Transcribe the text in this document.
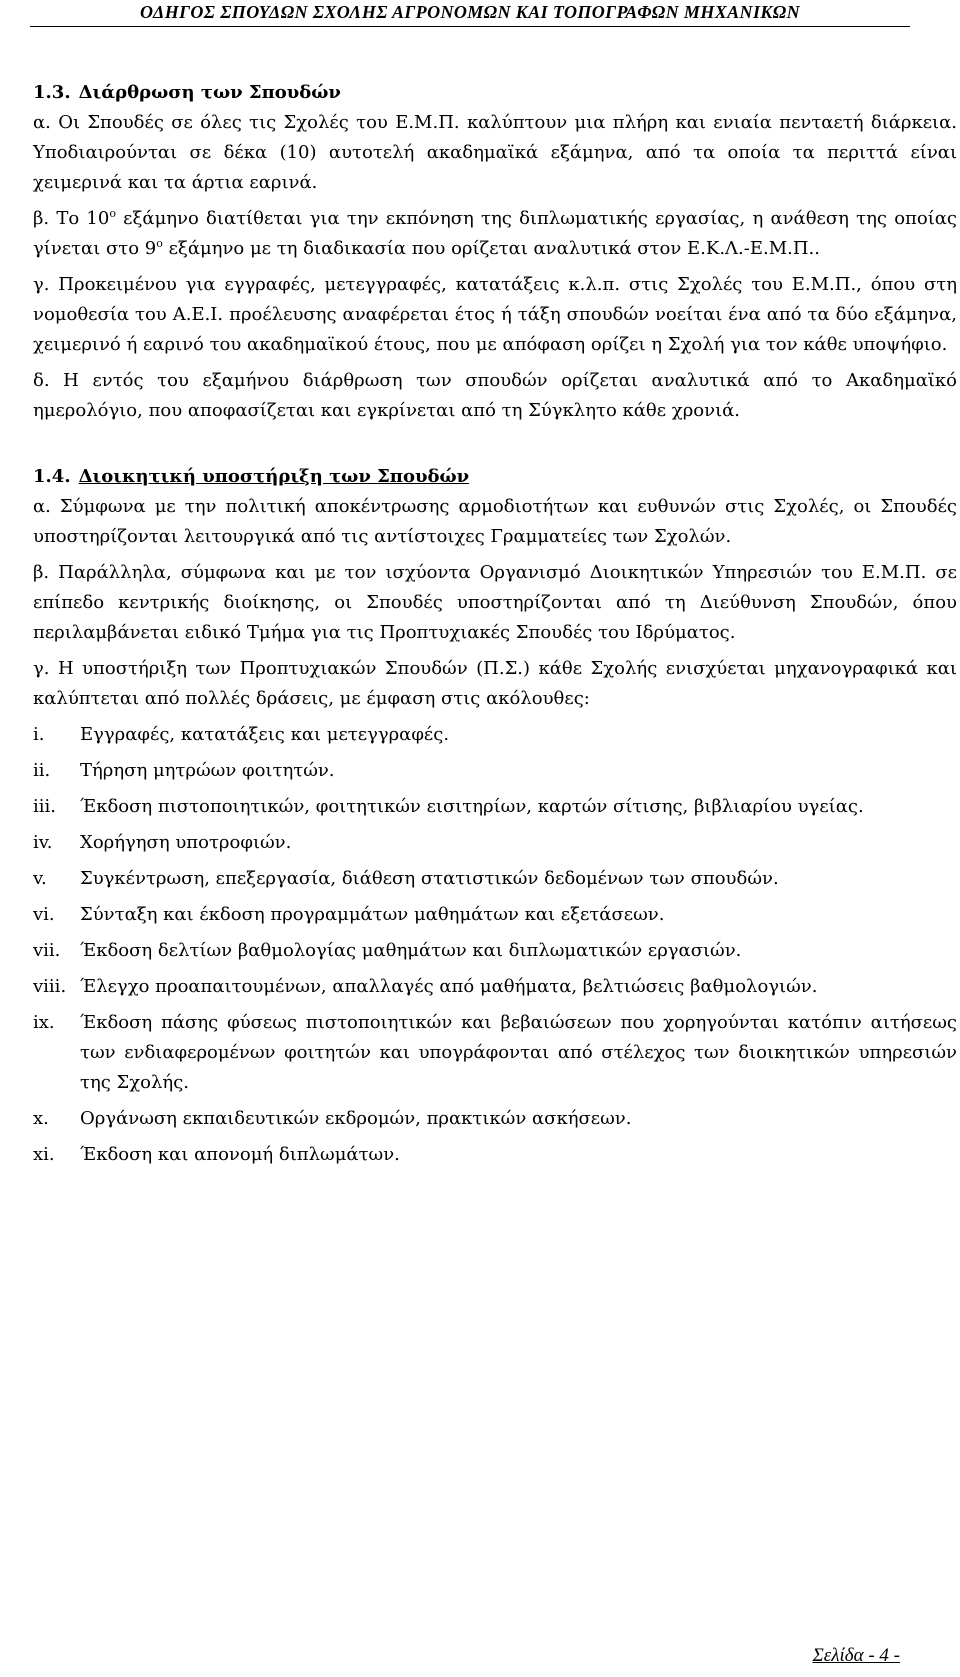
ΟΔΗΓΟΣ ΣΠΟΥΔΩΝ ΣΧΟΛΗΣ ΑΓΡΟΝΟΜΩΝ ΚΑΙ ΤΟΠΟΓΡΑΦΩΝ ΜΗΧΑΝΙΚΩΝ
1.3. Διάρθρωση των Σπουδών

α. Οι Σπουδές σε όλες τις Σχολές του Ε.Μ.Π. καλύπτουν μια πλήρη και ενιαία πενταετή διάρκεια. Υποδιαιρούνται σε δέκα (10) αυτοτελή ακαδημαϊκά εξάμηνα, από τα οποία τα περιττά είναι χειμερινά και τα άρτια εαρινά.

β. Το $10^o$ εξάμηνο διατίθεται για την εκπόνηση της διπλωματικής εργασίας, η ανάθεση της οποίας γίνεται στο $9^o$ εξάμηνο με τη διαδικασία που ορίζεται αναλυτικά στον Ε.Κ.Λ.-Ε.Μ.Π..

γ. Προκειμένου για εγγραφές, μετεγγραφές, κατατάξεις κ.λ.π. στις Σχολές του Ε.Μ.Π., όπου στη νομοθεσία του Α.Ε.Ι. προέλευσης αναφέρεται έτος ή τάξη σπουδών νοείται ένα από τα δύο εξάμηνα, χειμερινό ή εαρινό του ακαδημαϊκού έτους, που με απόφαση ορίζει η Σχολή για τον κάθε υποψήφιο.

δ. Η εντός του εξαμήνου διάρθρωση των σπουδών ορίζεται αναλυτικά από το Ακαδημαϊκό ημερολόγιο, που αποφασίζεται και εγκρίνεται από τη Σύγκλητο κάθε χρονιά.

1.4. Διοικητική υποστήριξη των Σπουδών

α. Σύμφωνα με την πολιτική αποκέντρωσης αρμοδιοτήτων και ευθυνών στις Σχολές, οι Σπουδές υποστηρίζονται λειτουργικά από τις αντίστοιχες Γραμματείες των Σχολών.

β. Παράλληλα, σύμφωνα και με τον ισχύοντα Οργανισμό Διοικητικών Υπηρεσιών του Ε.Μ.Π. σε επίπεδο κεντρικής διοίκησης, οι Σπουδές υποστηρίζονται από τη Διεύθυνση Σπουδών, όπου περιλαμβάνεται ειδικό Τμήμα για τις Προπτυχιακές Σπουδές του Ιδρύματος.

γ. Η υποστήριξη των Προπτυχιακών Σπουδών (Π.Σ.) κάθε Σχολής ενισχύεται μηχανογραφικά και καλύπτεται από πολλές δράσεις, με έμφαση στις ακόλουθες:

i. Εγγραφές, κατατάξεις και μετεγγραφές.
ii. Τήρηση μητρώων φοιτητών.
iii. Έκδοση πιστοποιητικών, φοιτητικών εισιτηρίων, καρτών σίτισης, βιβλιαρίου υγείας.
iv. Χορήγηση υποτροφιών.
v. Συγκέντρωση, επεξεργασία, διάθεση στατιστικών δεδομένων των σπουδών.
vi. Σύνταξη και έκδοση προγραμμάτων μαθημάτων και εξετάσεων.
vii. Έκδοση δελτίων βαθμολογίας μαθημάτων και διπλωματικών εργασιών.
viii. Έλεγχο προαπαιτουμένων, απαλλαγές από μαθήματα, βελτιώσεις βαθμολογιών.
ix. Έκδοση πάσης φύσεως πιστοποιητικών και βεβαιώσεων που χορηγούνται κατόπιν αιτήσεως των ενδιαφερομένων φοιτητών και υπογράφονται από στέλεχος των διοικητικών υπηρεσιών της Σχολής.
x. Οργάνωση εκπαιδευτικών εκδρομών, πρακτικών ασκήσεων.
xi. Έκδοση και απονομή διπλωμάτων.
Σελίδα - 4 -
